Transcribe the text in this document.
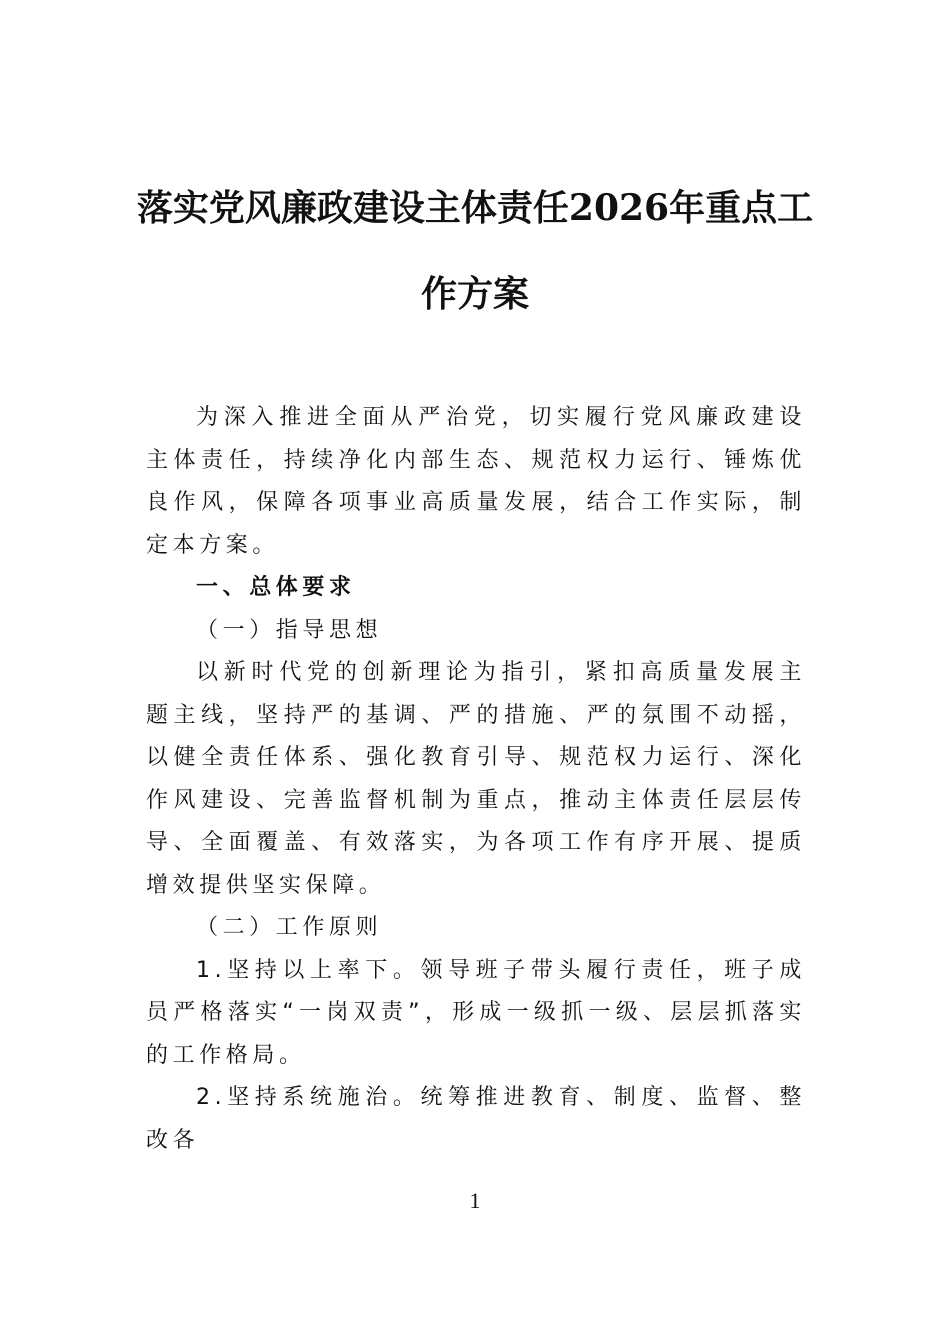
落实党风廉政建设主体责任2026年重点工作方案

为深入推进全面从严治党，切实履行党风廉政建设主体责任，持续净化内部生态、规范权力运行、锤炼优良作风，保障各项事业高质量发展，结合工作实际，制定本方案。

一、总体要求

（一）指导思想

以新时代党的创新理论为指引，紧扣高质量发展主题主线，坚持严的基调、严的措施、严的氛围不动摇，以健全责任体系、强化教育引导、规范权力运行、深化作风建设、完善监督机制为重点，推动主体责任层层传导、全面覆盖、有效落实，为各项工作有序开展、提质增效提供坚实保障。

（二）工作原则

1.坚持以上率下。领导班子带头履行责任，班子成员严格落实“一岗双责”，形成一级抓一级、层层抓落实的工作格局。

2.坚持系统施治。统筹推进教育、制度、监督、整改各

1
